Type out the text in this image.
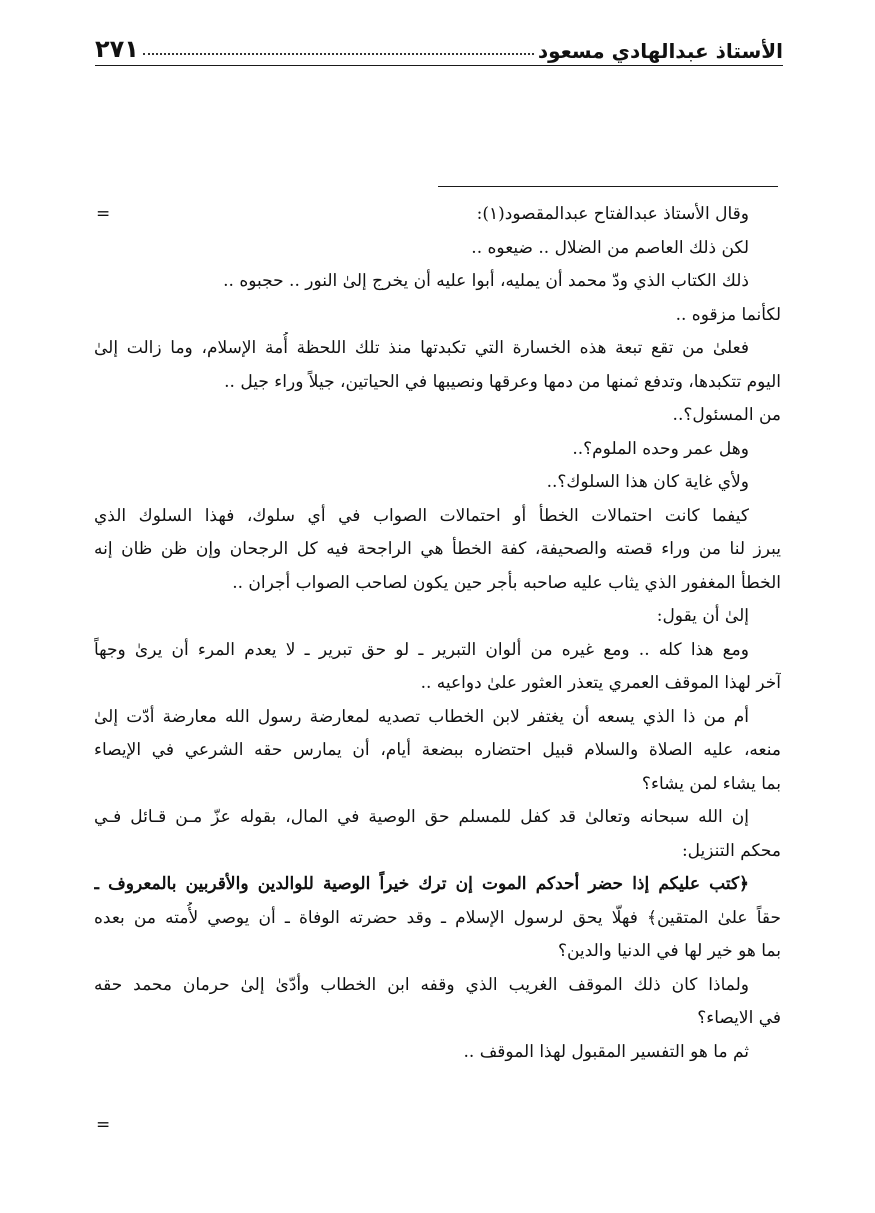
٢٧١	الأستاذ عبدالهادي مسعود
=
=
وقال الأستاذ عبدالفتاح عبدالمقصود(١):
لكن ذلك العاصم من الضلال .. ضيعوه ..
ذلك الكتاب الذي ودّ محمد أن يمليه، أبوا عليه أن يخرج إلىٰ النور .. حجبوه ..
لكأنما مزقوه ..
فعلىٰ من تقع تبعة هذه الخسارة التي تكبدتها منذ تلك اللحظة أُمة الإسلام، وما زالت إلىٰ
اليوم تتكبدها، وتدفع ثمنها من دمها وعرقها ونصيبها في الحياتين، جيلاً وراء جيل ..
من المسئول؟..
وهل عمر وحده الملوم؟..
ولأي غاية كان هذا السلوك؟..
كيفما كانت احتمالات الخطأ أو احتمالات الصواب في أي سلوك، فهذا السلوك الذي
يبرز لنا من وراء قصته والصحيفة، كفة الخطأ هي الراجحة فيه كل الرجحان وإن ظن ظان إنه
الخطأ المغفور الذي يثاب عليه صاحبه بأجر حين يكون لصاحب الصواب أجران ..
إلىٰ أن يقول:
ومع هذا كله .. ومع غيره من ألوان التبرير ـ لو حق تبرير ـ لا يعدم المرء أن يرىٰ وجهاً
آخر لهذا الموقف العمري يتعذر العثور علىٰ دواعيه ..
أم من ذا الذي يسعه أن يغتفر لابن الخطاب تصديه لمعارضة رسول الله معارضة أدّت إلىٰ
منعه، عليه الصلاة والسلام قبيل احتضاره ببضعة أيام، أن يمارس حقه الشرعي في الإيصاء
بما يشاء لمن يشاء؟
إن الله سبحانه وتعالىٰ قد كفل للمسلم حق الوصية في المال، بقوله عزّ مـن قـائل فـي
محكم التنزيل:
﴿كتب عليكم إذا حضر أحدكم الموت إن ترك خيراً الوصية للوالدين والأقربين بالمعروف ـ
حقاً علىٰ المتقين﴾ فهلّا يحق لرسول الإسلام ـ وقد حضرته الوفاة ـ أن يوصي لأُمته من بعده
بما هو خير لها في الدنيا والدين؟
ولماذا كان ذلك الموقف الغريب الذي وقفه ابن الخطاب وأدّىٰ إلىٰ حرمان محمد حقه
في الايصاء؟
ثم ما هو التفسير المقبول لهذا الموقف ..
